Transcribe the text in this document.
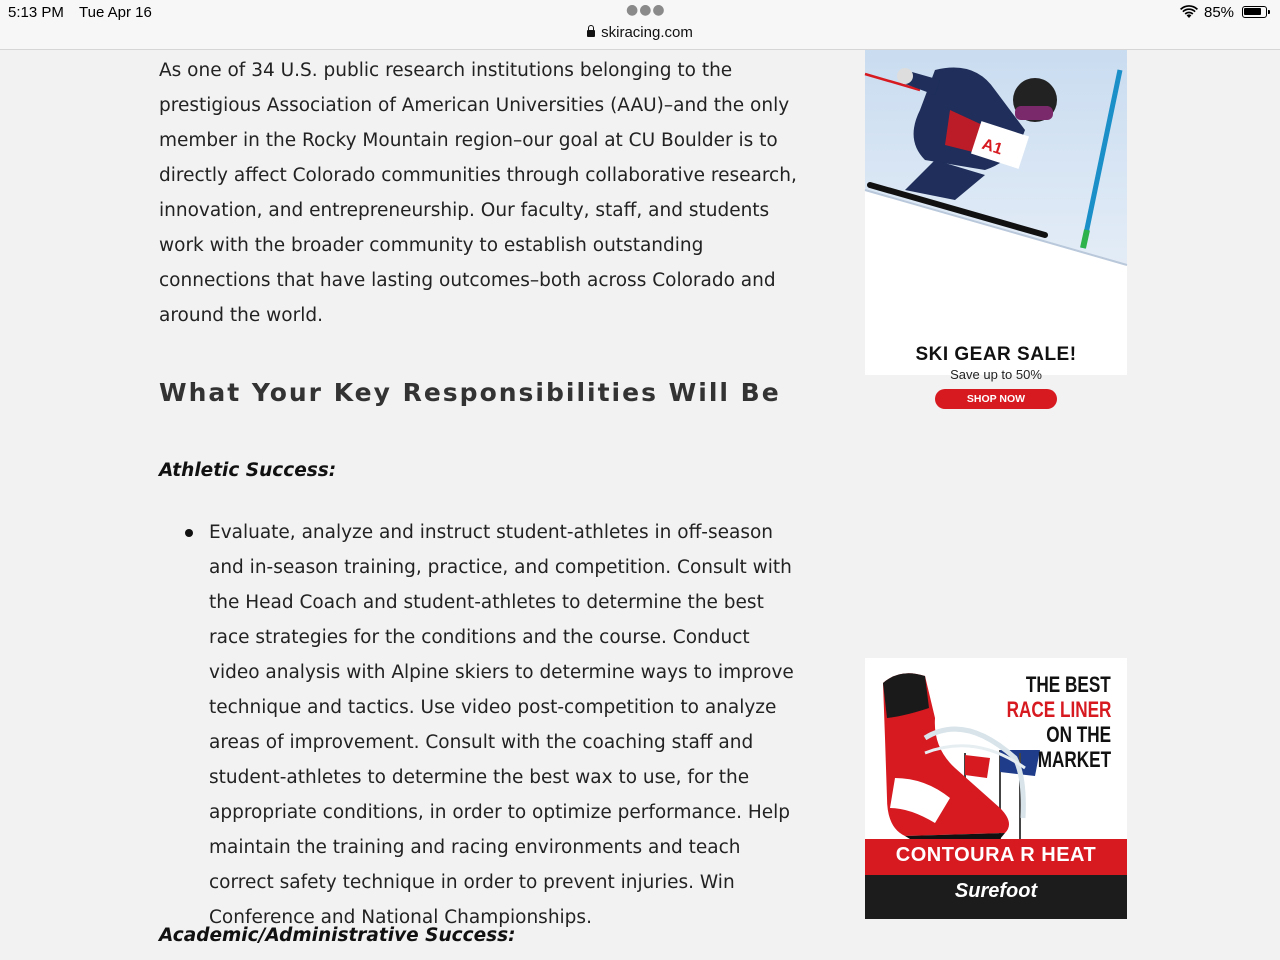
5:13 PM Tue Apr 16	●●●
skiracing.com
85%

As one of 34 U.S. public research institutions belonging to the prestigious Association of American Universities (AAU)–and the only member in the Rocky Mountain region–our goal at CU Boulder is to directly affect Colorado communities through collaborative research, innovation, and entrepreneurship. Our faculty, staff, and students work with the broader community to establish outstanding connections that have lasting outcomes–both across Colorado and around the world.

What Your Key Responsibilities Will Be

Athletic Success:

Evaluate, analyze and instruct student-athletes in off-season and in-season training, practice, and competition. Consult with the Head Coach and student-athletes to determine the best race strategies for the conditions and the course. Conduct video analysis with Alpine skiers to determine ways to improve technique and tactics. Use video post-competition to analyze areas of improvement. Consult with the coaching staff and student-athletes to determine the best wax to use, for the appropriate conditions, in order to optimize performance. Help maintain the training and racing environments and teach correct safety technique in order to prevent injuries. Win Conference and National Championships.

Academic/Administrative Success:

A1
SKI GEAR SALE!
Save up to 50%
SHOP NOW
THE BEST
RACE LINER
ON THE
MARKET
CONTOURA R HEAT
Surefoot
